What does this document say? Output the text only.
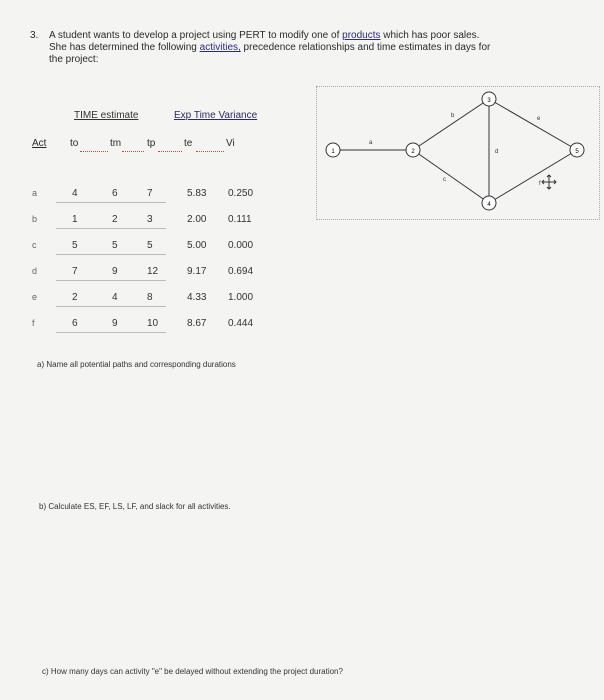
3. A student wants to develop a project using PERT to modify one of products which has poor sales.
She has determined the following activities, precedence relationships and time estimates in days for
the project:
TIME estimate	Exp Time Variance
Act to	tm	tp	te	Vi
a	4	6	7	5.83 0.250
b	1	2	3	2.00 0.111
c	5	5	5	5.00 0.000
d	7	9	12	9.17 0.694
e	2	4	8	4.33 1.000
f	6	9	10	8.67 0.444
1	2
3
4
5
a
b
c
d
e
f
a) Name all potential paths and corresponding durations
b) Calculate ES, EF, LS, LF, and slack for all activities.
c) How many days can activity "e" be delayed without extending the project duration?
